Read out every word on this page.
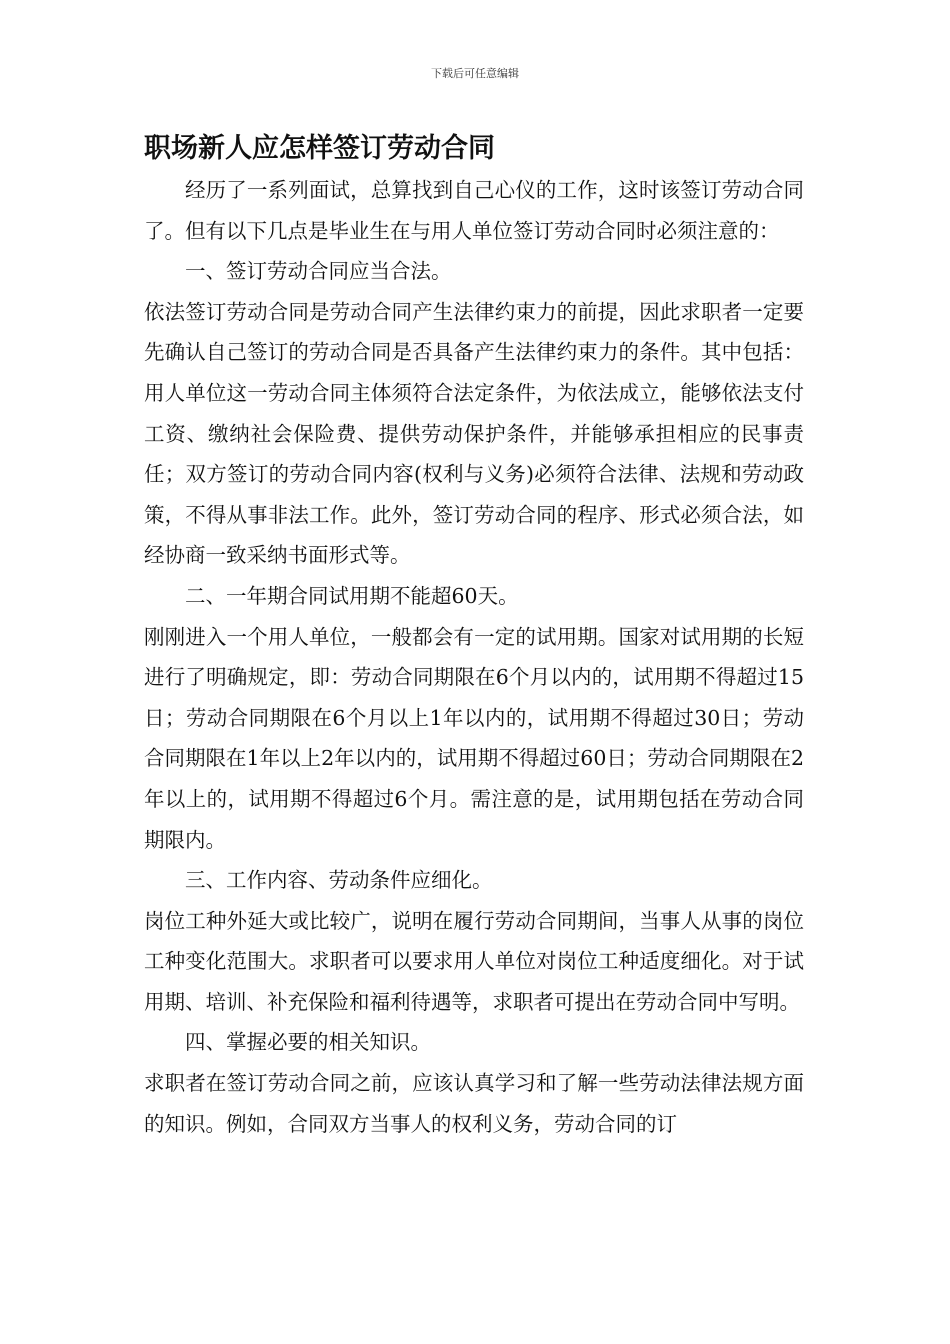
下载后可任意编辑
职场新人应怎样签订劳动合同

经历了一系列面试，总算找到自己心仪的工作，这时该签订劳动合同了。但有以下几点是毕业生在与用人单位签订劳动合同时必须注意的：

一、签订劳动合同应当合法。

依法签订劳动合同是劳动合同产生法律约束力的前提，因此求职者一定要先确认自己签订的劳动合同是否具备产生法律约束力的条件。其中包括：用人单位这一劳动合同主体须符合法定条件，为依法成立，能够依法支付工资、缴纳社会保险费、提供劳动保护条件，并能够承担相应的民事责任；双方签订的劳动合同内容(权利与义务)必须符合法律、法规和劳动政策，不得从事非法工作。此外，签订劳动合同的程序、形式必须合法，如经协商一致采纳书面形式等。

二、一年期合同试用期不能超60天。

刚刚进入一个用人单位，一般都会有一定的试用期。国家对试用期的长短进行了明确规定，即：劳动合同期限在6个月以内的，试用期不得超过15日；劳动合同期限在6个月以上1年以内的，试用期不得超过30日；劳动合同期限在1年以上2年以内的，试用期不得超过60日；劳动合同期限在2年以上的，试用期不得超过6个月。需注意的是，试用期包括在劳动合同期限内。

三、工作内容、劳动条件应细化。

岗位工种外延大或比较广，说明在履行劳动合同期间，当事人从事的岗位工种变化范围大。求职者可以要求用人单位对岗位工种适度细化。对于试用期、培训、补充保险和福利待遇等，求职者可提出在劳动合同中写明。

四、掌握必要的相关知识。

求职者在签订劳动合同之前，应该认真学习和了解一些劳动法律法规方面的知识。例如，合同双方当事人的权利义务，劳动合同的订
